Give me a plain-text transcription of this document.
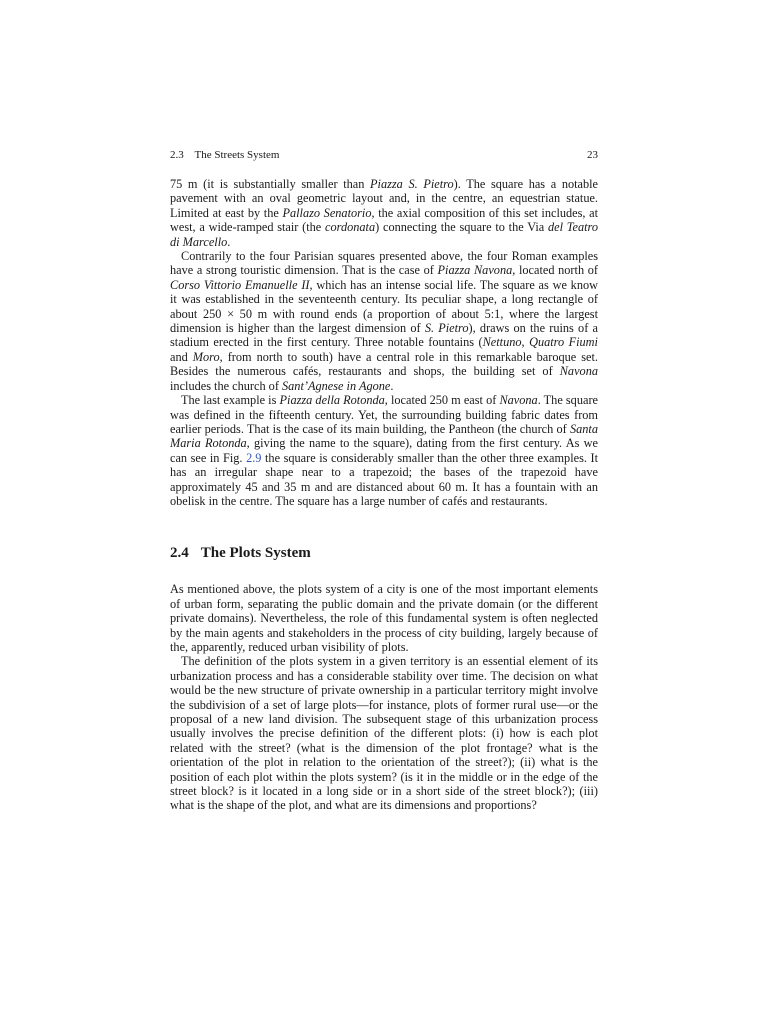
2.3 The Streets System	23

75 m (it is substantially smaller than Piazza S. Pietro). The square has a notable pavement with an oval geometric layout and, in the centre, an equestrian statue. Limited at east by the Pallazo Senatorio, the axial composition of this set includes, at west, a wide-ramped stair (the cordonata) connecting the square to the Via del Teatro di Marcello.

Contrarily to the four Parisian squares presented above, the four Roman examples have a strong touristic dimension. That is the case of Piazza Navona, located north of Corso Vittorio Emanuelle II, which has an intense social life. The square as we know it was established in the seventeenth century. Its peculiar shape, a long rectangle of about 250 × 50 m with round ends (a proportion of about 5:1, where the largest dimension is higher than the largest dimension of S. Pietro), draws on the ruins of a stadium erected in the first century. Three notable fountains (Nettuno, Quatro Fiumi and Moro, from north to south) have a central role in this remarkable baroque set. Besides the numerous cafés, restaurants and shops, the building set of Navona includes the church of Sant’Agnese in Agone.

The last example is Piazza della Rotonda, located 250 m east of Navona. The square was defined in the fifteenth century. Yet, the surrounding building fabric dates from earlier periods. That is the case of its main building, the Pantheon (the church of Santa Maria Rotonda, giving the name to the square), dating from the first century. As we can see in Fig. 2.9 the square is considerably smaller than the other three examples. It has an irregular shape near to a trapezoid; the bases of the trapezoid have approximately 45 and 35 m and are distanced about 60 m. It has a fountain with an obelisk in the centre. The square has a large number of cafés and restaurants.

2.4 The Plots System

As mentioned above, the plots system of a city is one of the most important elements of urban form, separating the public domain and the private domain (or the different private domains). Nevertheless, the role of this fundamental system is often neglected by the main agents and stakeholders in the process of city building, largely because of the, apparently, reduced urban visibility of plots.

The definition of the plots system in a given territory is an essential element of its urbanization process and has a considerable stability over time. The decision on what would be the new structure of private ownership in a particular territory might involve the subdivision of a set of large plots—for instance, plots of former rural use—or the proposal of a new land division. The subsequent stage of this urbanization process usually involves the precise definition of the different plots: (i) how is each plot related with the street? (what is the dimension of the plot frontage? what is the orientation of the plot in relation to the orientation of the street?); (ii) what is the position of each plot within the plots system? (is it in the middle or in the edge of the street block? is it located in a long side or in a short side of the street block?); (iii) what is the shape of the plot, and what are its dimensions and proportions?
